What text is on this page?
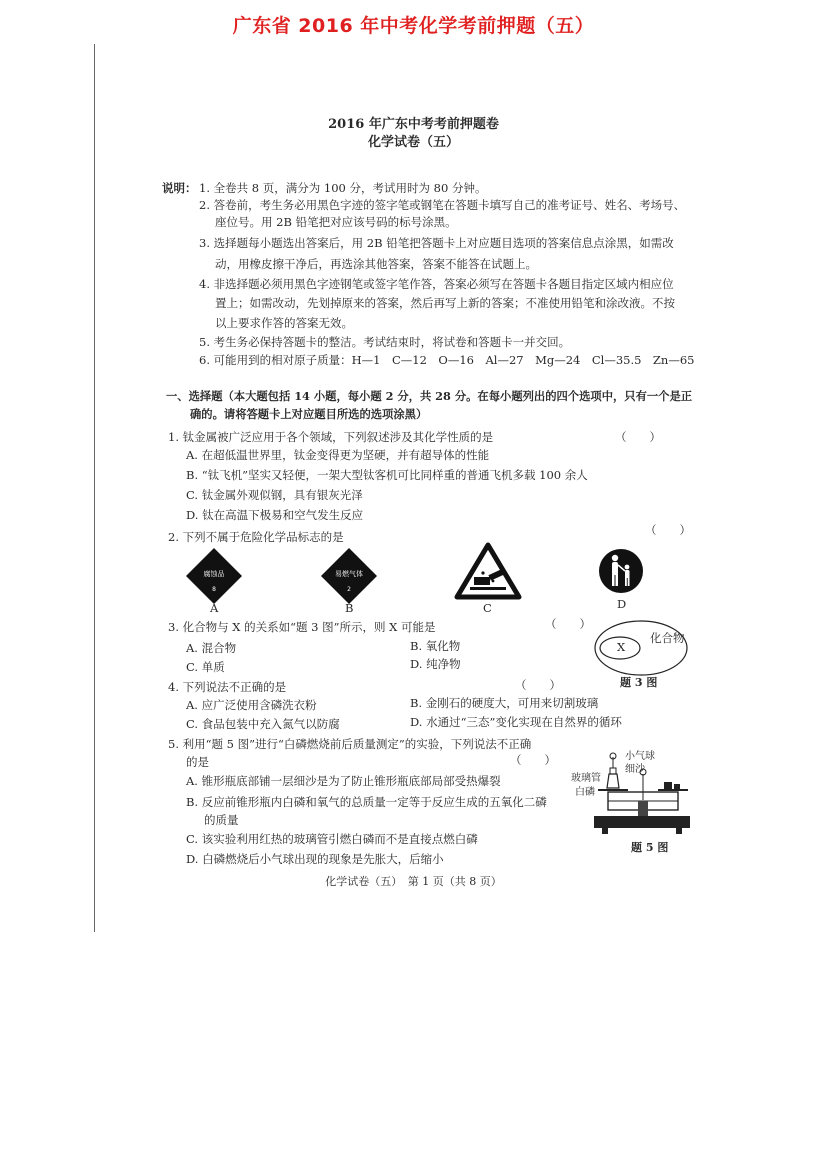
广东省 2016 年中考化学考前押题（五）
2016 年广东中考考前押题卷
化学试卷（五）
说明： 1. 全卷共 8 页，满分为 100 分，考试用时为 80 分钟。
2. 答卷前，考生务必用黑色字迹的签字笔或钢笔在答题卡填写自己的准考证号、姓名、考场号、
座位号。用 2B 铅笔把对应该号码的标号涂黑。
3. 选择题每小题选出答案后，用 2B 铅笔把答题卡上对应题目选项的答案信息点涂黑，如需改
动，用橡皮擦干净后，再选涂其他答案，答案不能答在试题上。
4. 非选择题必须用黑色字迹钢笔或签字笔作答，答案必须写在答题卡各题目指定区域内相应位
置上；如需改动，先划掉原来的答案，然后再写上新的答案；不准使用铅笔和涂改液。不按
以上要求作答的答案无效。
5. 考生务必保持答题卡的整洁。考试结束时，将试卷和答题卡一并交回。
6. 可能用到的相对原子质量：H—1　C—12　O—16　Al—27　Mg—24　Cl—35.5　Zn—65
一、选择题（本大题包括 14 小题，每小题 2 分，共 28 分。在每小题列出的四个选项中，只有一个是正
确的。请将答题卡上对应题目所选的选项涂黑）
1. 钛金属被广泛应用于各个领域，下列叙述涉及其化学性质的是	（　　）
A. 在超低温世界里，钛金变得更为坚硬，并有超导体的性能
B. “钛飞机”坚实又轻便，一架大型钛客机可比同样重的普通飞机多载 100 余人
C. 钛金属外观似钢，具有银灰光泽
D. 钛在高温下极易和空气发生反应
2. 下列不属于危险化学品标志的是	（　　）
腐蚀品
8
A
易燃气体
2
B	C	D
3. 化合物与 X 的关系如“题 3 图”所示，则 X 可能是	（　　）
A. 混合物	B. 氧化物
C. 单质	D. 纯净物
X
化合物
题 3 图
4. 下列说法不正确的是	（　　）
A. 应广泛使用含磷洗衣粉	B. 金刚石的硬度大，可用来切割玻璃
C. 食品包装中充入氮气以防腐	D. 水通过“三态”变化实现在自然界的循环
5. 利用“题 5 图”进行“白磷燃烧前后质量测定”的实验，下列说法不正确
的是	（　　）
A. 锥形瓶底部铺一层细沙是为了防止锥形瓶底部局部受热爆裂
B. 反应前锥形瓶内白磷和氧气的总质量一定等于反应生成的五氧化二磷
的质量
C. 该实验利用红热的玻璃管引燃白磷而不是直接点燃白磷
D. 白磷燃烧后小气球出现的现象是先胀大，后缩小
小气球
细沙
玻璃管
白磷
题 5 图
化学试卷（五）　第 1 页（共 8 页）
